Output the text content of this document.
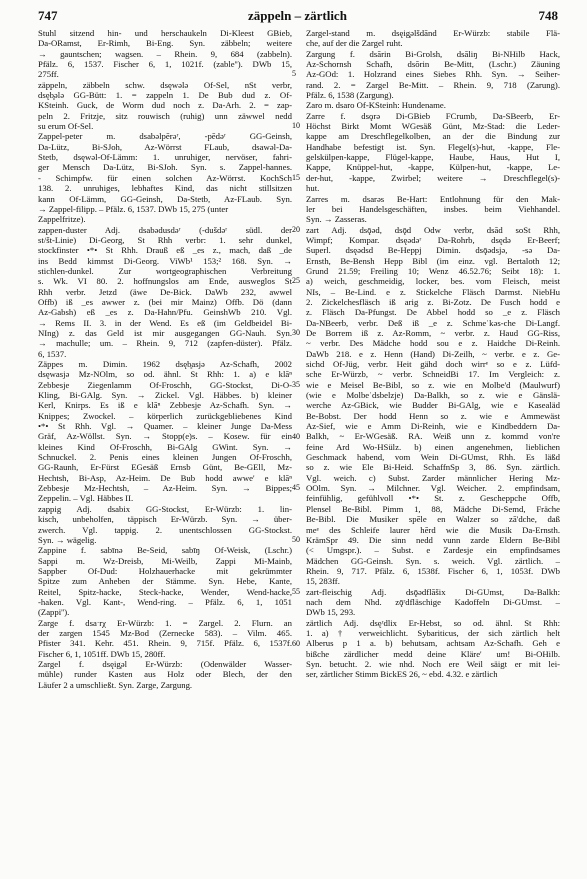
747	zäppeln – zärtlich	748
Stuhl sitzend hin- und herschaukeln Di-Kleest GBieb,
Da-ORamst, Er-Rimh, Bi-Eng. Syn. zäbbeln; weitere
→ gauntschen; wagsen. – Rhein. 9, 684 (zabbeln).
Pfälz. 6, 1537. Fischer 6, 1, 1021f. (zable''). DWb 15,
275ff.
zäppeln, zäbbeln schw. dsęwǝlǝ Of-Sel, nSt verbr,
dsęb̥ǝlǝ GG-Bütt: 1. = zappeln 1. De Bub dud z. Of-
KSteinh. Guck, de Worm dud noch z. Da-Arh. 2. = zap-
peln 2. Fritzje, sitz rouwisch (ruhig) unn zäwwel nedd
su erum Of-Sel.
Zappel-peter m. dsabǝlpērǝʳ, -pēdǝʳ GG-Geinsh,
Da-Lütz, Bi-SJoh, Az-Wörrst FLaub, dsawǝl-Da-
Stetb, dsęwǝl-Of-Lämm: 1. unruhiger, nervöser, fahri-
ger Mensch Da-Lütz, Bi-SJoh. Syn. s. Zappel-hannes.
- Schimpfw. für einen solchen Az-Wörrst. KochSch
138. 2. unruhiges, lebhaftes Kind, das nicht stillsitzen
kann Of-Lämm, GG-Geinsh, Da-Stetb, Az-FLaub. Syn.
→ Zappel-filipp. – Pfälz. 6, 1537. DWb 15, 275 (unter
Zappelfritze).
zappen-duster Adj. dsabǝdusdǝʳ (-dušdǝʳ südl. der
st/št-Linie) Di-Georg, St Rhh verbr: 1. sehr dunkel,
stockfinster •*• St Rhh. Drauß eß _es z., mach, daß _de
ins Bedd kimmst Di-Georg. ViWb¹ 153;² 168. Syn. →
stichlen-dunkel. Zur wortgeographischen Verbreitung
s. Wk. VI 80. 2. hoffnungslos am Ende, ausweglos St
Rhh verbr. Jetzd (äwe De-Bick. DaWb 232, awwel
Offb) iß _es awwer z. (bei mir Mainz) Offb. Dö (dann
Az-Gabsh) eß _es z. Da-Hahn/Pfu. GeinshWb 210. Vgl.
→ Rems II. 3. in der Wend. Es eß (im Geldbeidel Bi-
NIng) z. das Geld ist mir ausgegangen GG-Nauh. Syn.
→ machulle; um. – Rhein. 9, 712 (zapfen-düster). Pfälz.
6, 1537.
Zäppes m. Dimin. 1962 dsęb̥asjǝ Az-Schafh, 2002
dsęwasjǝ Mz-NOlm, so od. ähnl. St Rhh: 1. a) e klāⁿ
Zebbesje Ziegenlamm Of-Froschh, GG-Stockst, Di-O-
Kling, Bi-GAlg. Syn. → Zickel. Vgl. Häbbes. b) kleiner
Kerl, Knirps. Es iß e klāⁿ Zebbesje Az-Schafh. Syn. →
Knippes; Zwockel. – körperlich zurückgebliebenes Kind
•*• St Rhh. Vgl. → Quamer. – kleiner Junge Da-Mess
Gräf, Az-Wöllst. Syn. → Stopp(e)s. – Kosew. für ein
kleines Kind Of-Froschh, Bi-GAlg GWint. Syn. →
Schnuckel. 2. Penis eines kleinen Jungen Of-Froschh,
GG-Raunh, Er-Fürst EGesäß Ernsb Günt, Be-GEll, Mz-
Hechtsh, Bi-Asp, Az-Heim. De Bub hodd awwe' e klāⁿ
Zebbesje Mz-Hechtsh, – Az-Heim. Syn. → Bippes;
Zeppelin. – Vgl. Häbbes II.
zappig Adj. dsabix GG-Stockst, Er-Würzb: 1. lin-
kisch, unbeholfen, täppisch Er-Würzb. Syn. → über-
zwerch. Vgl. tappig. 2. unentschlossen GG-Stockst.
Syn. → wägelig.
Zappine f. sabīnǝ Be-Seid, sabīŋ Of-Weisk, (Lschr.)
Sappi m. Wz-Dreisb, Mi-Weilb, Zappi Mi-Mainb,
Sappber Of-Dud: Holzhauerhacke mit gekrümmter
Spitze zum Anheben der Stämme. Syn. Hebe, Kante,
Reitel, Spitz-hacke, Steck-hacke, Wender, Wend-hacke,
-haken. Vgl. Kant-, Wend-ring. – Pfälz. 6, 1, 1051
(Zappi'').
Zarge f. dsaˑrχ Er-Würzb: 1. = Zargel. 2. Flurn. an
der zargen 1545 Mz-Bod (Zernecke 583). – Vilm. 465.
Pfister 341. Kehr. 451. Rhein. 9, 715f. Pfälz. 6, 1537f.
Fischer 6, 1, 1051ff. DWb 15, 280ff.
Zargel f. dsęig̥ǝl Er-Würzb: (Odenwälder Wasser-
mühle) runder Kasten aus Holz oder Blech, der den
Läufer 2 a umschließt. Syn. Zarge, Zargung.
5
10
15
20
25
30
35
40
45
50
55
60
Zargel-stand m. dsęig̥ǝlšdānd Er-Würzb: stabile Flä-
che, auf der die Zargel ruht.
Zargung f. dsārin Bi-Grolsh, dsāliŋ Bi-NHilb Hack,
Az-Schornsh Schafh, dsōrin Be-Mitt, (Lschr.) Zäuning
Az-GOd: 1. Holzrand eines Siebes Rhh. Syn. → Seiher-
rand. 2. = Zargel Be-Mitt. – Rhein. 9, 718 (Zarung).
Pfälz. 6, 1538 (Zargung).
Zaro m. dsaro Of-KSteinh: Hundename.
Zarre f. dsǫrǝ Di-GBieb FCrumb, Da-SBeerb, Er-
Höchst Birkt Momt WGesäß Günt, Mz-Stad: die Leder-
kappe am Dreschflegelkolben, an der die Bindung zur
Handhabe befestigt ist. Syn. Flegel(s)-hut, -kappe, Fle-
gelskülpen-kappe, Flügel-kappe, Haube, Haus, Hut I,
Kappe, Knüppel-hut, -kappe, Külpen-hut, -kappe, Le-
der-hut, -kappe, Zwirbel; weitere → Dreschflegel(s)-
hut.
Zarres m. dsarǝs Be-Hart: Entlohnung für den Mak-
ler bei Handelsgeschäften, insbes. beim Viehhandel.
Syn. → Zasseras.
zart Adj. dsǭǝd, dsǭd Odw verbr, dsād soSt Rhh,
Wimpf; Kompar. dsęǝdǝʳ Da-Rohrb, dsędǝ Er-Beerf;
Superl. dsęǝdsd Be-Heppj Dimin. dsǭǝdsjǝ, -sǝ Da-
Ernsth, Be-Bensh Hepp Bibl (im einz. vgl. Bertaloth 12;
Grund 21.59; Freiling 10; Wenz 46.52.76; Seibt 18): 1.
a) weich, geschmeidig, locker, bes. vom Fleisch, meist
NIs, – Be-Lind. e z. Stickelche Fläsch Darmst. NiebHu
2. Zickelchesfläsch iß arig z. Bi-Zotz. De Fusch hodd e
z. Fläsch Da-Pfungst. De Abbel hodd so _e z. Fläsch
Da-NBeerb, verbr. Deß iß _e z. Schmeˈkǝs-che Di-Langf.
De Borrem iß z. Az-Romm, ~ verbr. z. Haud GG-Riss,
~ verbr. Des Mädche hodd sou e z. Haidche Di-Reinh.
DaWb 218. e z. Henn (Hand) Di-Zeilh, ~ verbr. e z. Ge-
sichd Of-Jüg, verbr. Heit gähd doch wirrᵉ so e z. Lüfd-
sche Er-Würzb, ~ verbr. SchneidBi 17. Im Vergleich: z.
wie e Meisel Be-Bibl, so z. wie en Molbe'd (Maulwurf)
(wie e Molbeˈdsbelzje) Da-Balkh, so z. wie e Gänslä-
werche Az-GBick, wie Budder Bi-GAlg, wie e Kasealäd
Be-Bobst. Der hodd Henn so z. wie e Ammewäst
Az-Sief, wie e Amm Di-Reinh, wie e Kindbeddern Da-
Balkh, ~ Er-WGesäß. RA. Weiß unn z. kommd von're
feine Ard Wo-HSülz. b) einen angenehmen, lieblichen
Geschmack habend, vom Wein Di-GUmst, Rhh. Es läßd
so z. wie Ele Bi-Heid. SchaffnSp 3, 86. Syn. zärtlich.
Vgl. weich. c) Subst. Zarder männlicher Hering Mz-
OOlm. Syn. → Milchner. Vgl. Weicher. 2. empfindsam,
feinfühlig, gefühlvoll •*• St. z. Gescheppche Offb,
Plensel Be-Bibl. Pimm 1, 88, Mädche Di-Semd, Fräche
Be-Bibl. Die Musiker spēle en Walzer so zā'dche, daß
meᵉ des Schleife laurer hērd wie die Musik Da-Ernsth.
KrämSpr 49. Die sinn nedd vunn zarde Eldern Be-Bibl
(< Umgspr.). – Subst. e Zardesje ein empfindsames
Mädchen GG-Geinsh. Syn. s. weich. Vgl. zärtlich. –
Rhein. 9, 717. Pfälz. 6, 1538f. Fischer 6, 1, 1053f. DWb
15, 283ff.
zart-fleischig Adj. dsǭǝdflāšix Di-GUmst, Da-Balkh:
nach dem Nhd. zǭʳdfläschige Kadoffeln Di-GUmst. –
DWb 15, 293.
zärtlich Adj. dsęʳdlix Er-Hebst, so od. ähnl. St Rhh:
1. a) † verweichlicht. Sybariticus, der sich zärtlich helt
Alberus p 1 a. b) behutsam, achtsam Az-Schafh. Geh e
bißche zärdlicher medd deine Kläre' um! Bi-OHilb.
Syn. betucht. 2. wie nhd. Noch ere Weil säigt er mit lei-
ser, zärtlicher Stimm BickES 26, ~ ebd. 4.32. e zärtlich
